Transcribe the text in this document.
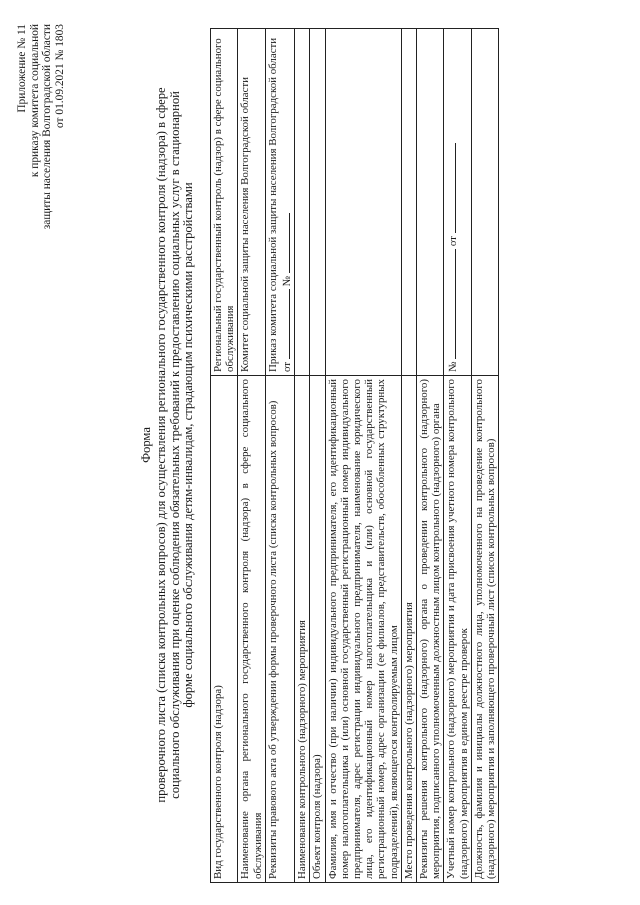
Приложение № 11 к приказу комитета социальной защиты населения Волгоградской области от 01.09.2021 № 1803
Форма проверочного листа (списка контрольных вопросов) для осуществления регионального государственного контроля (надзора) в сфере социального обслуживания при оценке соблюдения обязательных требований к предоставлению социальных услуг в стационарной форме социального обслуживания детям-инвалидам, страдающим психическими расстройствами
Вид государственного контроля (надзора)	Региональный государственный контроль (надзор) в сфере социального обслуживания
Наименование органа регионального государственного контроля (надзора) в сфере социального обслуживания	Комитет социальной защиты населения Волгоградской области
Реквизиты правового акта об утверждении формы проверочного листа (списка контрольных вопросов)	Приказ комитета социальной защиты населения Волгоградской области от  №
Наименование контрольного (надзорного) мероприятия	
Объект контроля (надзора)	
Фамилия, имя и отчество (при наличии) индивидуального предпринимателя, его идентификационный номер налогоплательщика и (или) основной государственный регистрационный номер индивидуального предпринимателя, адрес регистрации индивидуального предпринимателя, наименование юридического лица, его идентификационный номер налогоплательщика и (или) основной государственный регистрационный номер, адрес организации (ее филиалов, представительств, обособленных структурных подразделений), являющегося контролируемым лицом	
Место проведения контрольного (надзорного) мероприятия	
Реквизиты решения контрольного (надзорного) органа о проведении контрольного (надзорного) мероприятия, подписанного уполномоченным должностным лицом контрольного (надзорного) органа	
Учетный номер контрольного (надзорного) мероприятия и дата присвоения учетного номера контрольного (надзорного) мероприятия в едином реестре проверок	№  от
Должность, фамилия и инициалы должностного лица, уполномоченного на проведение контрольного (надзорного) мероприятия и заполняющего проверочный лист (список контрольных вопросов)	
